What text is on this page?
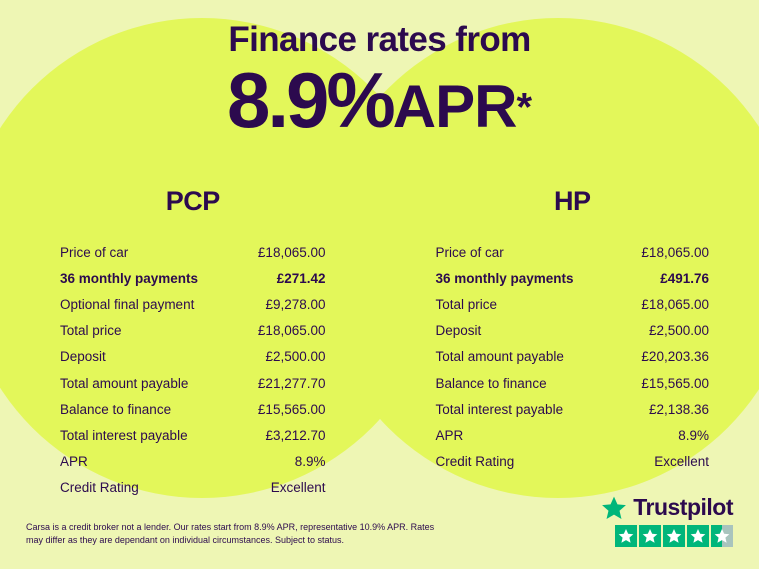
Finance rates from
8.9%APR*
PCP
Price of car	£18,065.00
36 monthly payments	£271.42
Optional final payment	£9,278.00
Total price	£18,065.00
Deposit	£2,500.00
Total amount payable	£21,277.70
Balance to finance	£15,565.00
Total interest payable	£3,212.70
APR	8.9%
Credit Rating	Excellent
HP
Price of car	£18,065.00
36 monthly payments	£491.76
Total price	£18,065.00
Deposit	£2,500.00
Total amount payable	£20,203.36
Balance to finance	£15,565.00
Total interest payable	£2,138.36
APR	8.9%
Credit Rating	Excellent
Carsa is a credit broker not a lender. Our rates start from 8.9% APR, representative 10.9% APR. Rates may differ as they are dependant on individual circumstances. Subject to status.
Trustpilot
